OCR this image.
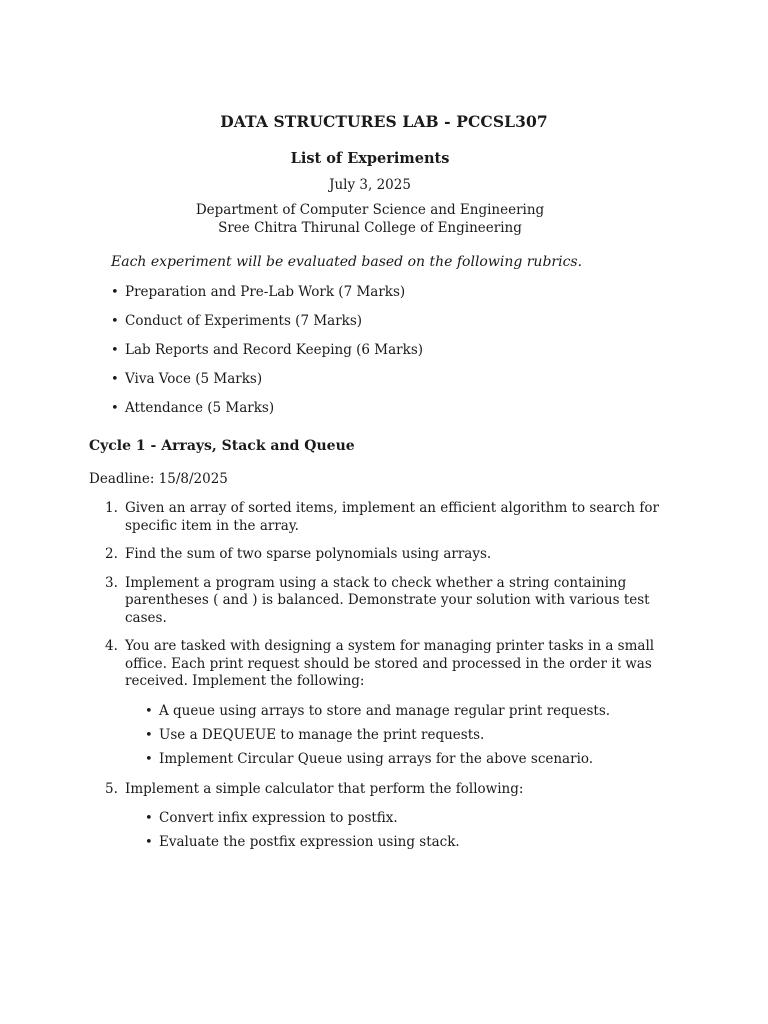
DATA STRUCTURES LAB - PCCSL307
List of Experiments
July 3, 2025
Department of Computer Science and Engineering
Sree Chitra Thirunal College of Engineering
Each experiment will be evaluated based on the following rubrics.
• Preparation and Pre-Lab Work (7 Marks)
• Conduct of Experiments (7 Marks)
• Lab Reports and Record Keeping (6 Marks)
• Viva Voce (5 Marks)
• Attendance (5 Marks)
Cycle 1 - Arrays, Stack and Queue
Deadline: 15/8/2025
1. Given an array of sorted items, implement an efficient algorithm to search for specific item in the array.
2. Find the sum of two sparse polynomials using arrays.
3. Implement a program using a stack to check whether a string containing parentheses ( and ) is balanced. Demonstrate your solution with various test cases.
4. You are tasked with designing a system for managing printer tasks in a small office. Each print request should be stored and processed in the order it was received. Implement the following:
• A queue using arrays to store and manage regular print requests.
• Use a DEQUEUE to manage the print requests.
• Implement Circular Queue using arrays for the above scenario.
5. Implement a simple calculator that perform the following:
• Convert infix expression to postfix.
• Evaluate the postfix expression using stack.
